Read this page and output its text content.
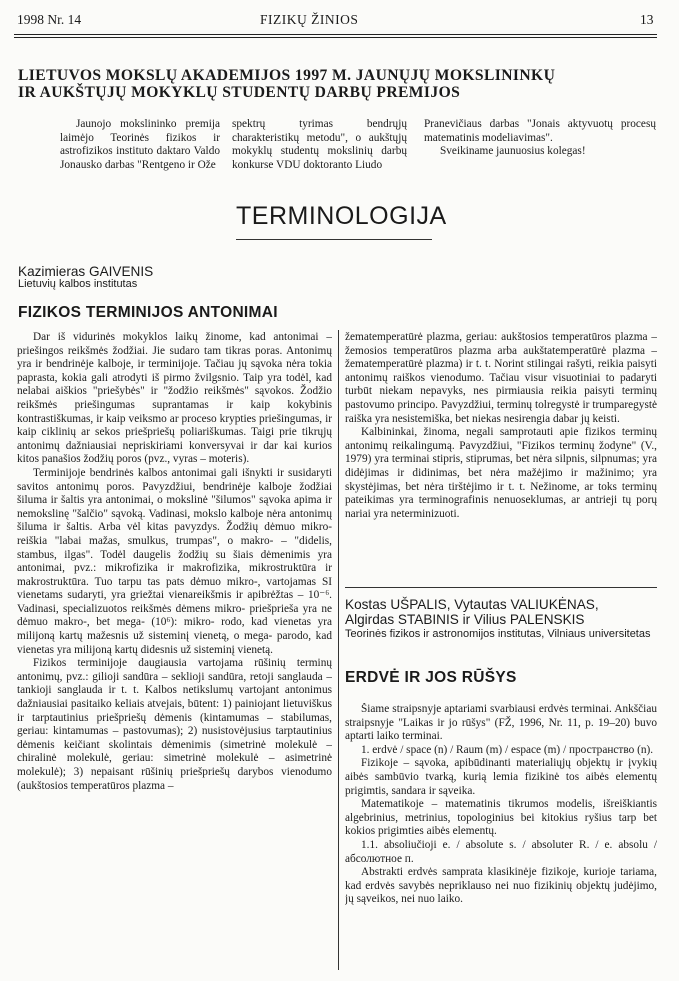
1998 Nr. 14	FIZIKŲ ŽINIOS	13
LIETUVOS MOKSLŲ AKADEMIJOS 1997 M. JAUNŲJŲ MOKSLININKŲ
IR AUKŠTŲJŲ MOKYKLŲ STUDENTŲ DARBŲ PREMIJOS

Jaunojo mokslininko premija laimėjo Teorinės fizikos ir astrofizikos instituto daktaro Valdo Jonausko darbas "Rentgeno ir Ože

spektrų tyrimas bendrųjų charakteristikų metodu", o aukštųjų mokyklų studentų mokslinių darbų konkurse VDU doktoranto Liudo

Pranevičiaus darbas "Jonais aktyvuotų procesų matematinis modeliavimas".

Sveikiname jaunuosius kolegas!

TERMINOLOGIJA
Kazimieras GAIVENIS
Lietuvių kalbos institutas
FIZIKOS TERMINIJOS ANTONIMAI

Dar iš vidurinės mokyklos laikų žinome, kad antonimai – priešingos reikšmės žodžiai. Jie sudaro tam tikras poras. Antonimų yra ir bendrinėje kalboje, ir terminijoje. Tačiau jų sąvoka nėra tokia paprasta, kokia gali atrodyti iš pirmo žvilgsnio. Taip yra todėl, kad nelabai aiškios "priešybės" ir "žodžio reikšmės" sąvokos. Žodžio reikšmės priešingumas suprantamas ir kaip kokybinis kontrastiškumas, ir kaip veiksmo ar proceso krypties priešingumas, ir kaip ciklinių ar sekos priešpriešų poliariškumas. Taigi prie tikrųjų antonimų dažniausiai nepriskiriami konversyvai ir dar kai kurios kitos panašios žodžių poros (pvz., vyras – moteris).

Terminijoje bendrinės kalbos antonimai gali išnykti ir susidaryti savitos antonimų poros. Pavyzdžiui, bendrinėje kalboje žodžiai šiluma ir šaltis yra antonimai, o mokslinė "šilumos" sąvoka apima ir nemokslinę "šalčio" sąvoką. Vadinasi, mokslo kalboje nėra antonimų šiluma ir šaltis. Arba vėl kitas pavyzdys. Žodžių dėmuo mikro- reiškia "labai mažas, smulkus, trumpas", o makro- – "didelis, stambus, ilgas". Todėl daugelis žodžių su šiais dėmenimis yra antonimai, pvz.: mikrofizika ir makrofizika, mikrostruktūra ir makrostruktūra. Tuo tarpu tas pats dėmuo mikro-, vartojamas SI vienetams sudaryti, yra griežtai vienareikšmis ir apibrėžtas – 10⁻⁶. Vadinasi, specializuotos reikšmės dėmens mikro- priešprieša yra ne dėmuo makro-, bet mega- (10⁶): mikro- rodo, kad vienetas yra milijoną kartų mažesnis už sisteminį vienetą, o mega- parodo, kad vienetas yra milijoną kartų didesnis už sisteminį vienetą.

Fizikos terminijoje daugiausia vartojama rūšinių terminų antonimų, pvz.: gilioji sandūra – seklioji sandūra, retoji sanglauda – tankioji sanglauda ir t. t. Kalbos netikslumų vartojant antonimus dažniausiai pasitaiko keliais atvejais, būtent: 1) painiojant lietuviškus ir tarptautinius priešpriešų dėmenis (kintamumas – stabilumas, geriau: kintamumas – pastovumas); 2) nusistovėjusius tarptautinius dėmenis keičiant skolintais dėmenimis (simetrinė molekulė – chiralinė molekulė, geriau: simetrinė molekulė – asimetrinė molekulė); 3) nepaisant rūšinių priešpriešų darybos vienodumo (aukštosios temperatūros plazma –

žematemperatūrė plazma, geriau: aukštosios temperatūros plazma – žemosios temperatūros plazma arba aukštatemperatūrė plazma – žematemperatūrė plazma) ir t. t. Norint stilingai rašyti, reikia paisyti antonimų raiškos vienodumo. Tačiau visur visuotiniai to padaryti turbūt niekam nepavyks, nes pirmiausia reikia paisyti terminų pastovumo principo. Pavyzdžiui, terminų tolregystė ir trumparegystė raiška yra nesistemiška, bet niekas nesirengia dabar jų keisti.

Kalbininkai, žinoma, negali samprotauti apie fizikos terminų antonimų reikalingumą. Pavyzdžiui, "Fizikos terminų žodyne" (V., 1979) yra terminai stipris, stiprumas, bet nėra silpnis, silpnumas; yra didėjimas ir didinimas, bet nėra mažėjimo ir mažinimo; yra skystėjimas, bet nėra tirštėjimo ir t. t. Nežinome, ar toks terminų pateikimas yra terminografinis nenuoseklumas, ar antrieji tų porų nariai yra neterminizuoti.

Kostas UŠPALIS, Vytautas VALIUKĖNAS,
Algirdas STABINIS ir Vilius PALENSKIS
Teorinės fizikos ir astronomijos institutas, Vilniaus universitetas
ERDVĖ IR JOS RŪŠYS

Šiame straipsnyje aptariami svarbiausi erdvės terminai. Ankščiau straipsnyje "Laikas ir jo rūšys" (FŽ, 1996, Nr. 11, p. 19–20) buvo aptarti laiko terminai.

1. erdvė / space (n) / Raum (m) / espace (m) / пространство (n).

Fizikoje – sąvoka, apibūdinanti materialiųjų objektų ir įvykių aibės sambūvio tvarką, kurią lemia fizikinė tos aibės elementų prigimtis, sandara ir sąveika.

Matematikoje – matematinis tikrumos modelis, išreiškiantis algebrinius, metrinius, topologinius bei kitokius ryšius tarp bet kokios prigimties aibės elementų.

1.1. absoliučioji e. / absolute s. / absoluter R. / e. absolu / абсолютное п.

Abstrakti erdvės samprata klasikinėje fizikoje, kurioje tariama, kad erdvės savybės nepriklauso nei nuo fizikinių objektų judėjimo, jų sąveikos, nei nuo laiko.
